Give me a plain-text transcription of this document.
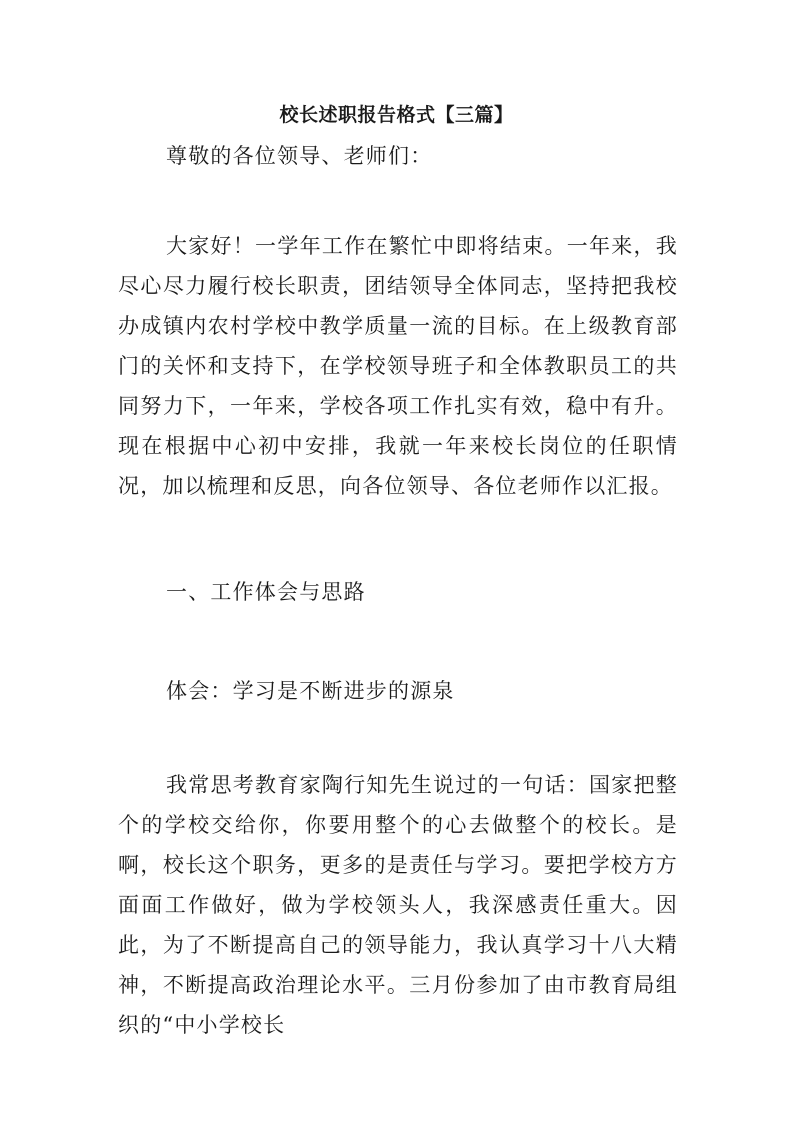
校长述职报告格式【三篇】

尊敬的各位领导、老师们：

大家好！一学年工作在繁忙中即将结束。一年来，我尽心尽力履行校长职责，团结领导全体同志，坚持把我校办成镇内农村学校中教学质量一流的目标。在上级教育部门的关怀和支持下，在学校领导班子和全体教职员工的共同努力下，一年来，学校各项工作扎实有效，稳中有升。现在根据中心初中安排，我就一年来校长岗位的任职情况，加以梳理和反思，向各位领导、各位老师作以汇报。

一、工作体会与思路

体会：学习是不断进步的源泉

我常思考教育家陶行知先生说过的一句话：国家把整个的学校交给你，你要用整个的心去做整个的校长。是啊，校长这个职务，更多的是责任与学习。要把学校方方面面工作做好，做为学校领头人，我深感责任重大。因此，为了不断提高自己的领导能力，我认真学习十八大精神，不断提高政治理论水平。三月份参加了由市教育局组织的“中小学校长
